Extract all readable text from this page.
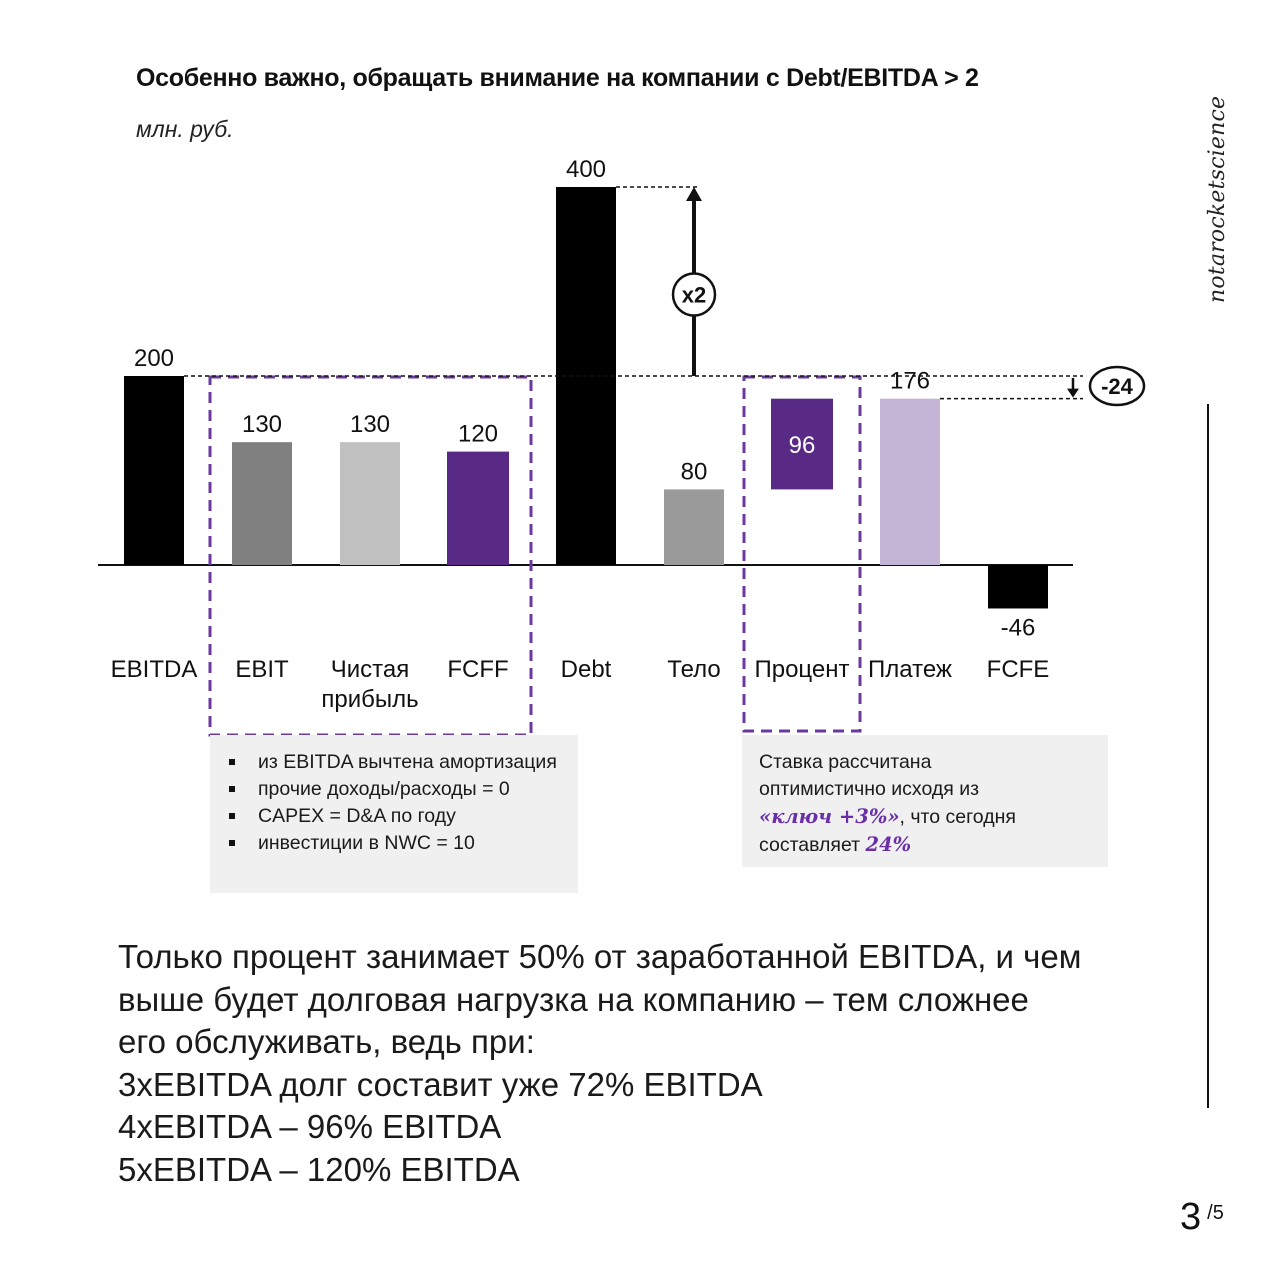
Особенно важно, обращать внимание на компании с Debt/EBITDA > 2
млн. руб.
200
130	130	120
400
80
96
176
-46
EBITDA EBIT Чистая
прибыль
FCFF Debt Тело Процент Платеж FCFE
x2
-24
notarocketscience
из EBITDA вычтена амортизация
прочие доходы/расходы = 0
CAPEX = D&A по году
инвестиции в NWC = 10
Ставка рассчитана
оптимистично исходя из
«ключ +3%», что сегодня
составляет 24%
Только процент занимает 50% от заработанной EBITDA, и чем
выше будет долговая нагрузка на компанию – тем сложнее
его обслуживать, ведь при:
3xEBITDA долг составит уже 72% EBITDA
4xEBITDA – 96% EBITDA
5xEBITDA – 120% EBITDA
3 $^{/5}$
